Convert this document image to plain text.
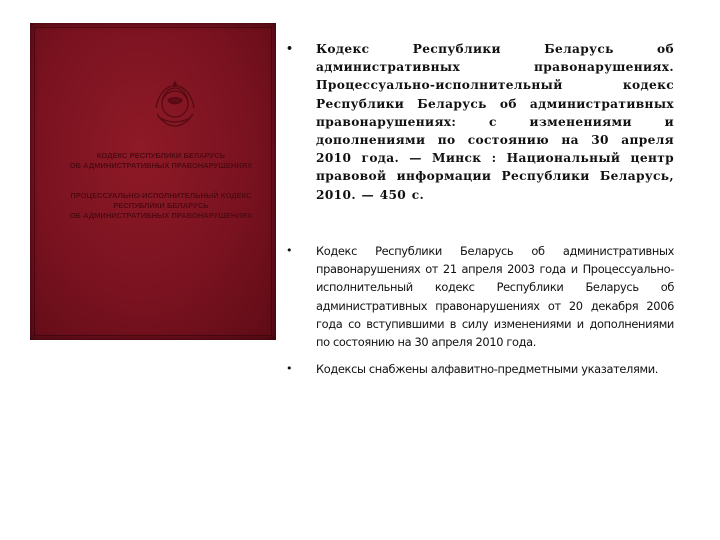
КОДЕКС РЕСПУБЛИКИ БЕЛАРУСЬ
ОБ АДМИНИСТРАТИВНЫХ ПРАВОНАРУШЕНИЯХ
ПРОЦЕССУАЛЬНО-ИСПОЛНИТЕЛЬНЫЙ КОДЕКС
РЕСПУБЛИКИ БЕЛАРУСЬ
ОБ АДМИНИСТРАТИВНЫХ ПРАВОНАРУШЕНИЯХ
• Кодекс Республики Беларусь об административных правонарушениях. Процессуально-исполнительный кодекс Республики Беларусь об административных правонарушениях: с изменениями и дополнениями по состоянию на 30 апреля 2010 года. — Минск : Национальный центр правовой информации Республики Беларусь, 2010. — 450 с.
• Кодекс Республики Беларусь об административных правонарушениях от 21 апреля 2003 года и Процессуально-исполнительный кодекс Республики Беларусь об административных правонарушениях от 20 декабря 2006 года со вступившими в силу изменениями и дополнениями по состоянию на 30 апреля 2010 года.
• Кодексы снабжены алфавитно-предметными указателями.
